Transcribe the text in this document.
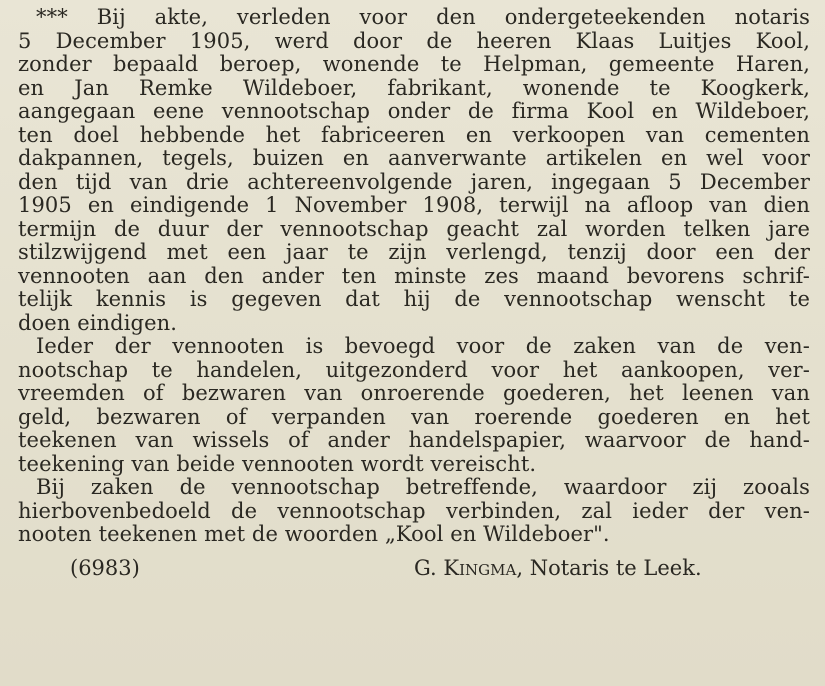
*** Bij akte, verleden voor den ondergeteekenden notaris
5 December 1905, werd door de heeren Klaas Luitjes Kool,
zonder bepaald beroep, wonende te Helpman, gemeente Haren,
en Jan Remke Wildeboer, fabrikant, wonende te Koogkerk,
aangegaan eene vennootschap onder de firma Kool en Wildeboer,
ten doel hebbende het fabriceeren en verkoopen van cementen
dakpannen, tegels, buizen en aanverwante artikelen en wel voor
den tijd van drie achtereenvolgende jaren, ingegaan 5 December
1905 en eindigende 1 November 1908, terwijl na afloop van dien
termijn de duur der vennootschap geacht zal worden telken jare
stilzwijgend met een jaar te zijn verlengd, tenzij door een der
vennooten aan den ander ten minste zes maand bevorens schrif-
telijk kennis is gegeven dat hij de vennootschap wenscht te
doen eindigen.
Ieder der vennooten is bevoegd voor de zaken van de ven-
nootschap te handelen, uitgezonderd voor het aankoopen, ver-
vreemden of bezwaren van onroerende goederen, het leenen van
geld, bezwaren of verpanden van roerende goederen en het
teekenen van wissels of ander handelspapier, waarvoor de hand-
teekening van beide vennooten wordt vereischt.
Bij zaken de vennootschap betreffende, waardoor zij zooals
hierbovenbedoeld de vennootschap verbinden, zal ieder der ven-
nooten teekenen met de woorden „Kool en Wildeboer".
(6983)	G. Kingma, Notaris te Leek.
